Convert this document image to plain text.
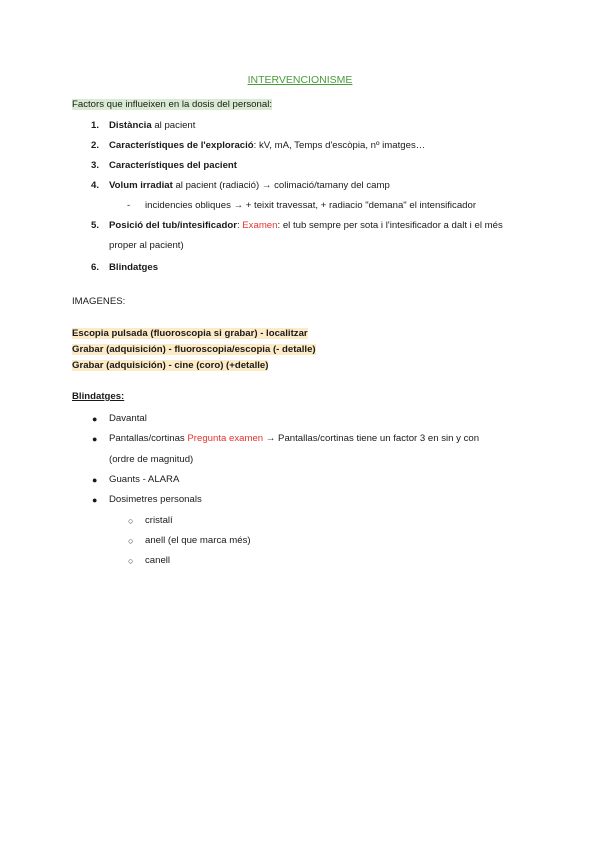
INTERVENCIONISME
Factors que influeixen en la dosis del personal:
1. Distància al pacient
2. Característiques de l'exploració: kV, mA, Temps d'escòpia, nº imatges…
3. Característiques del pacient
4. Volum irradiat al pacient (radiació) → colimació/tamany del camp
- incidencies obliques → + teixit travessat, + radiacio "demana" el intensificador
5. Posició del tub/intesificador: Examen: el tub sempre per sota i l'intesificador a dalt i el més
proper al pacient)
6. Blindatges
IMAGENES:
Escopia pulsada (fluoroscopia si grabar) - localitzar
Grabar (adquisición) - fluoroscopia/escopia (- detalle)
Grabar (adquisición) - cine (coro) (+detalle)
Blindatges:
● Davantal
● Pantallas/cortinas Pregunta examen → Pantallas/cortinas tiene un factor 3 en sin y con
(ordre de magnitud)
● Guants - ALARA
● Dosimetres personals
○ cristalí
○ anell (el que marca més)
○ canell
